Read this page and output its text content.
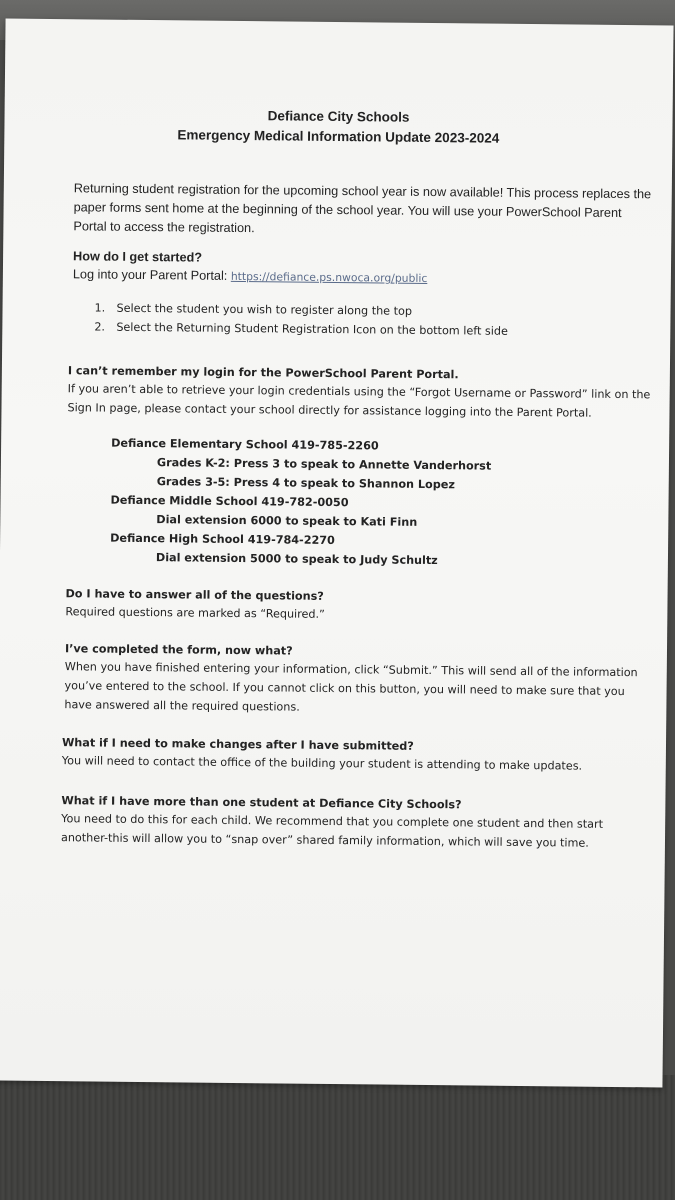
Defiance City Schools
Emergency Medical Information Update 2023-2024
Returning student registration for the upcoming school year is now available! This process replaces the paper forms sent home at the beginning of the school year. You will use your PowerSchool Parent Portal to access the registration.
How do I get started?
Log into your Parent Portal: https://defiance.ps.nwoca.org/public
1. Select the student you wish to register along the top
2. Select the Returning Student Registration Icon on the bottom left side
I can’t remember my login for the PowerSchool Parent Portal.
If you aren’t able to retrieve your login credentials using the “Forgot Username or Password” link on the Sign In page, please contact your school directly for assistance logging into the Parent Portal.
Defiance Elementary School 419-785-2260
Grades K-2: Press 3 to speak to Annette Vanderhorst
Grades 3-5: Press 4 to speak to Shannon Lopez
Defiance Middle School 419-782-0050
Dial extension 6000 to speak to Kati Finn
Defiance High School 419-784-2270
Dial extension 5000 to speak to Judy Schultz
Do I have to answer all of the questions?
Required questions are marked as “Required.”
I’ve completed the form, now what?
When you have finished entering your information, click “Submit.” This will send all of the information you’ve entered to the school. If you cannot click on this button, you will need to make sure that you have answered all the required questions.
What if I need to make changes after I have submitted?
You will need to contact the office of the building your student is attending to make updates.
What if I have more than one student at Defiance City Schools?
You need to do this for each child. We recommend that you complete one student and then start another-this will allow you to “snap over” shared family information, which will save you time.
